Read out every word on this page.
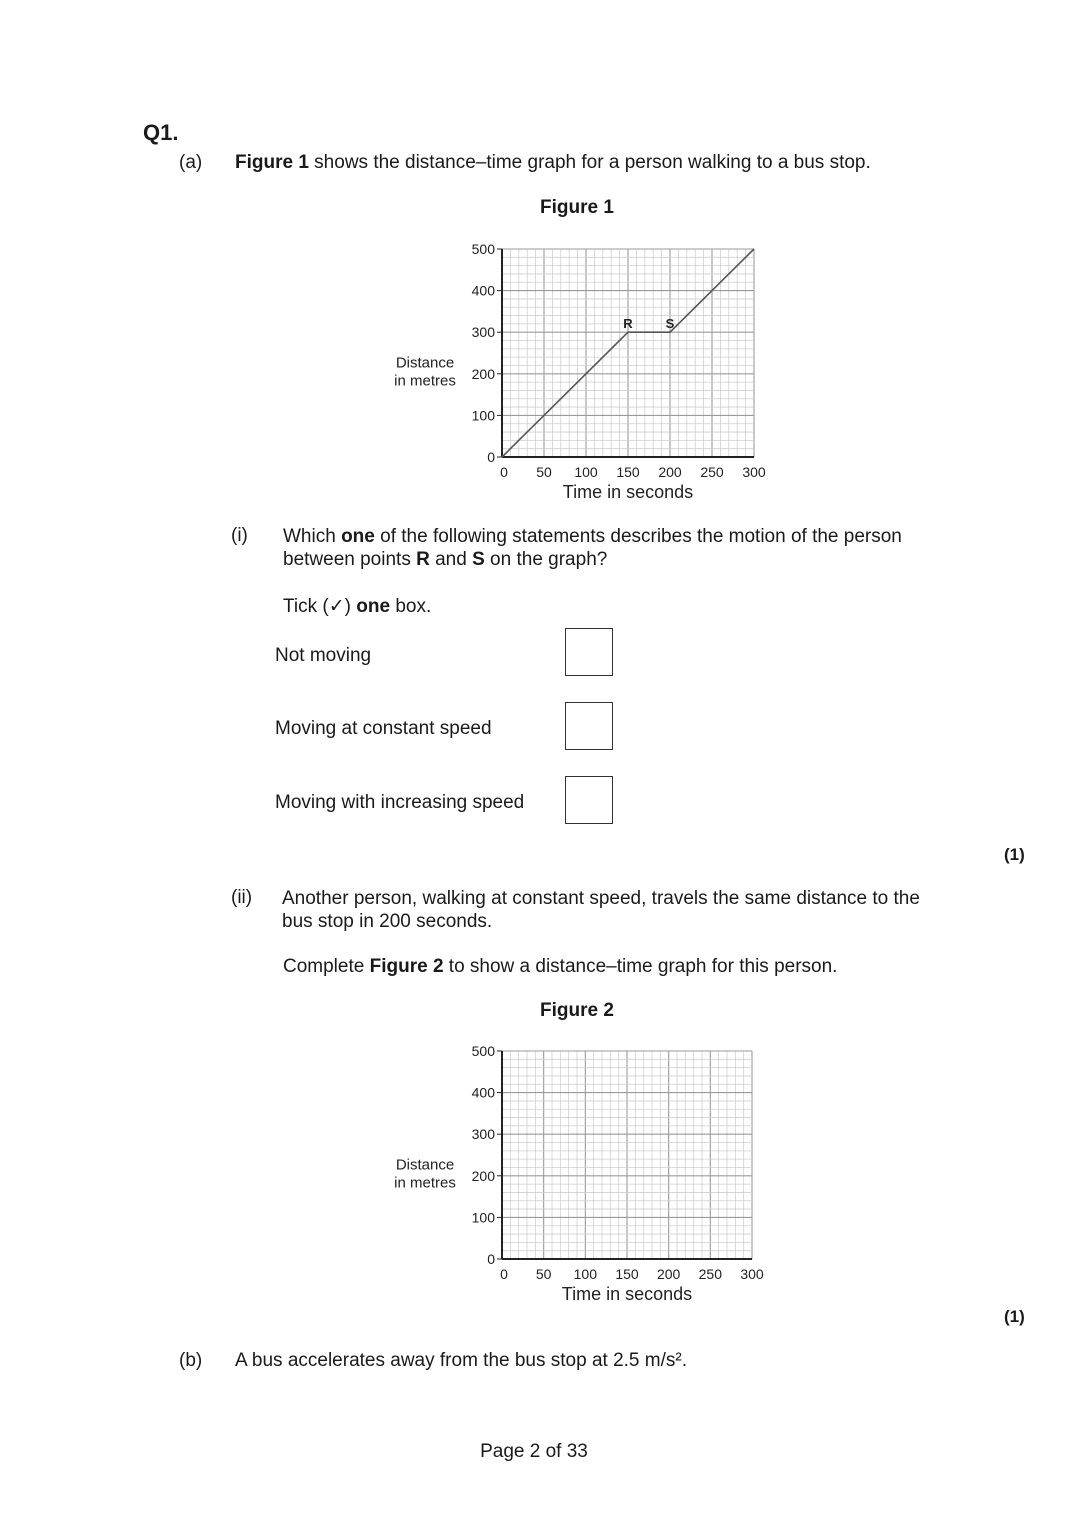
Q1.
(a) Figure 1 shows the distance–time graph for a person walking to a bus stop.
Figure 1
0
100
200
300
400
500
0 50 100 150 200 250 300
Distance
in metres
Time in seconds
R	S
(i) Which one of the following statements describes the motion of the person
between points R and S on the graph?
Tick (✓) one box.
Not moving
Moving at constant speed
Moving with increasing speed
(1)
(ii) Another person, walking at constant speed, travels the same distance to the
bus stop in 200 seconds.
Complete Figure 2 to show a distance–time graph for this person.
Figure 2
0
100
200
300
400
500
0 50 100 150 200 250 300
Distance
in metres
Time in seconds
(1)
(b) A bus accelerates away from the bus stop at 2.5 m/s².
Page 2 of 33
